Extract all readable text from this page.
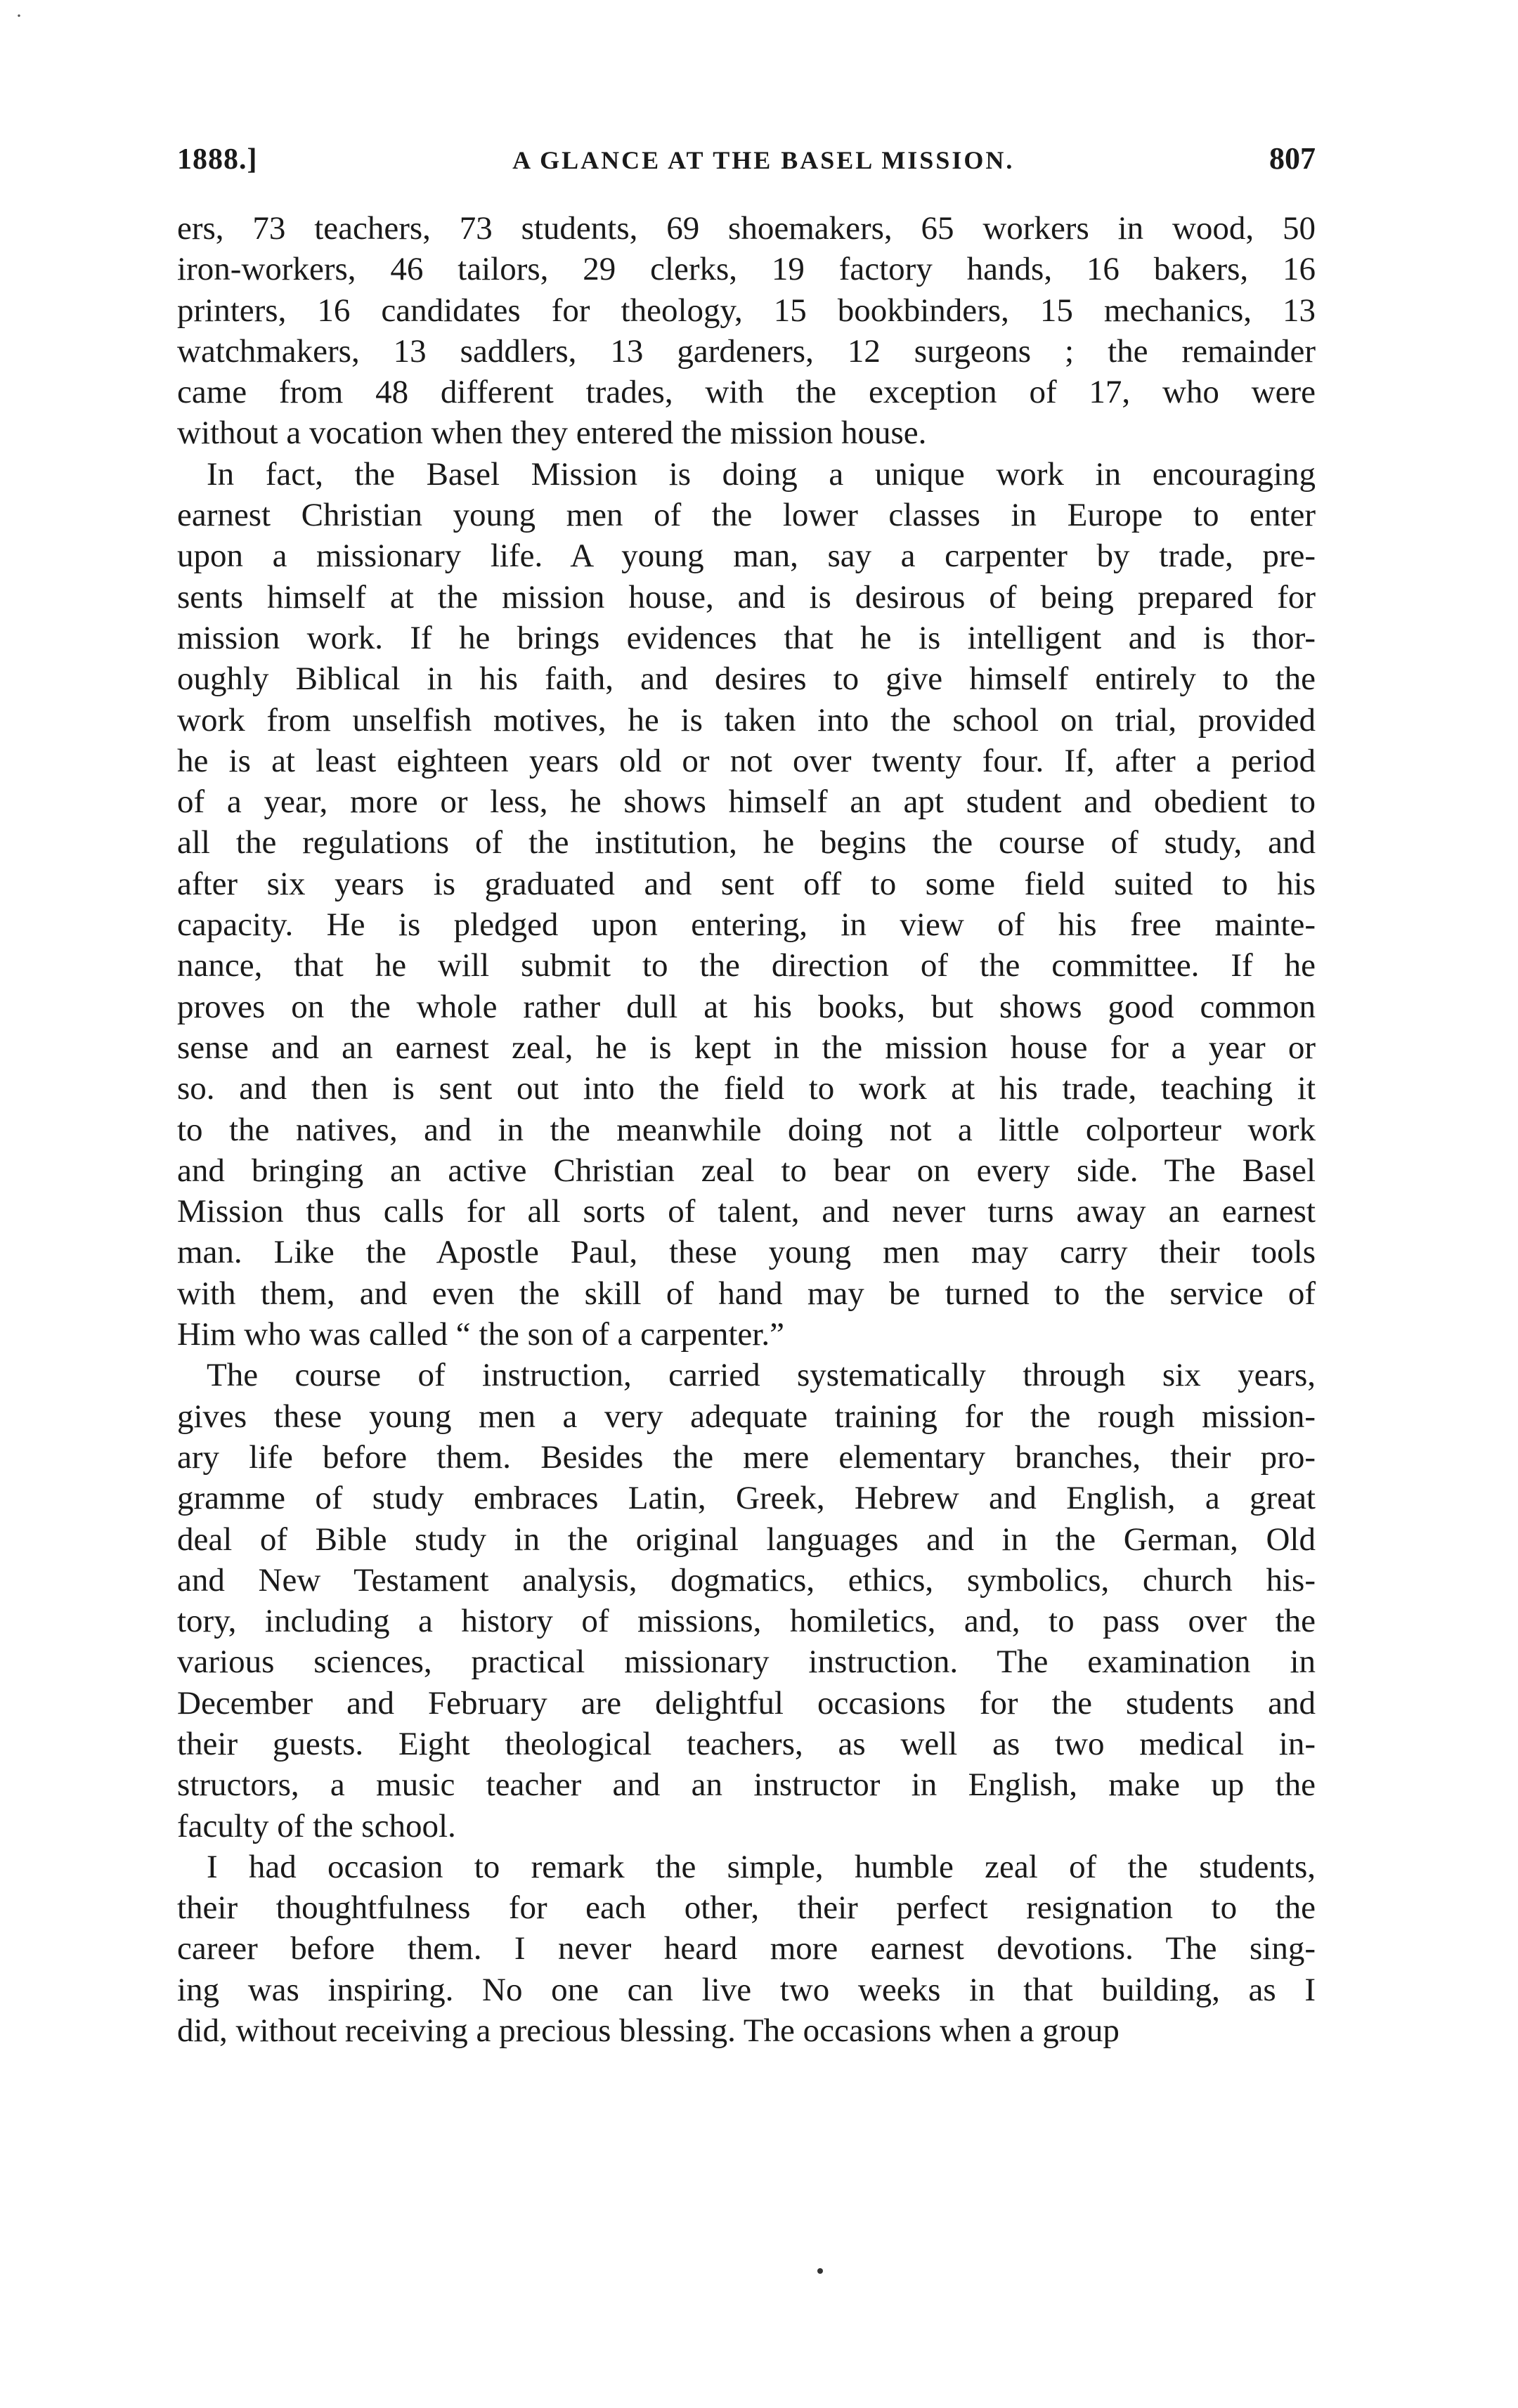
1888.]	A GLANCE AT THE BASEL MISSION.	807

ers, 73 teachers, 73 students, 69 shoemakers, 65 workers in wood, 50
iron-workers, 46 tailors, 29 clerks, 19 factory hands, 16 bakers, 16
printers, 16 candidates for theology, 15 bookbinders, 15 mechanics, 13
watchmakers, 13 saddlers, 13 gardeners, 12 surgeons ; the remainder
came from 48 different trades, with the exception of 17, who were
without a vocation when they entered the mission house.

In fact, the Basel Mission is doing a unique work in encouraging
earnest Christian young men of the lower classes in Europe to enter
upon a missionary life. A young man, say a carpenter by trade, pre-
sents himself at the mission house, and is desirous of being prepared for
mission work. If he brings evidences that he is intelligent and is thor-
oughly Biblical in his faith, and desires to give himself entirely to the
work from unselfish motives, he is taken into the school on trial, provided
he is at least eighteen years old or not over twenty four. If, after a period
of a year, more or less, he shows himself an apt student and obedient to
all the regulations of the institution, he begins the course of study, and
after six years is graduated and sent off to some field suited to his
capacity. He is pledged upon entering, in view of his free mainte-
nance, that he will submit to the direction of the committee. If he
proves on the whole rather dull at his books, but shows good common
sense and an earnest zeal, he is kept in the mission house for a year or
so. and then is sent out into the field to work at his trade, teaching it
to the natives, and in the meanwhile doing not a little colporteur work
and bringing an active Christian zeal to bear on every side. The Basel
Mission thus calls for all sorts of talent, and never turns away an earnest
man. Like the Apostle Paul, these young men may carry their tools
with them, and even the skill of hand may be turned to the service of
Him who was called “ the son of a carpenter.”

The course of instruction, carried systematically through six years,
gives these young men a very adequate training for the rough mission-
ary life before them. Besides the mere elementary branches, their pro-
gramme of study embraces Latin, Greek, Hebrew and English, a great
deal of Bible study in the original languages and in the German, Old
and New Testament analysis, dogmatics, ethics, symbolics, church his-
tory, including a history of missions, homiletics, and, to pass over the
various sciences, practical missionary instruction. The examination in
December and February are delightful occasions for the students and
their guests. Eight theological teachers, as well as two medical in-
structors, a music teacher and an instructor in English, make up the
faculty of the school.

I had occasion to remark the simple, humble zeal of the students,
their thoughtfulness for each other, their perfect resignation to the
career before them. I never heard more earnest devotions. The sing-
ing was inspiring. No one can live two weeks in that building, as I
did, without receiving a precious blessing. The occasions when a group

·
